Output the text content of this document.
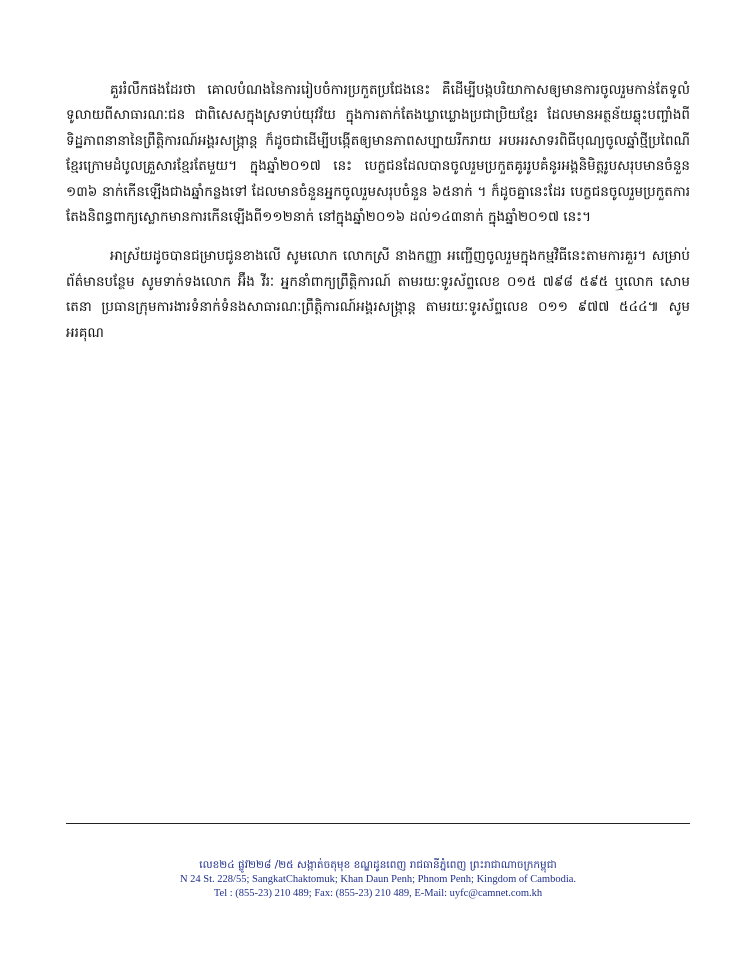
គួររំលឹកផងដែរថា គោលបំណងនៃការរៀបចំការប្រកួតប្រជែងនេះ គឺដើម្បីបង្កបរិយាកាសឲ្យមានការចូលរួមកាន់តែទូលំទូលាយពីសាធារណៈជន ជាពិសេសក្នុងស្រទាប់យុវវ័យ ក្នុងការតាក់តែងឃ្លាឃ្លោងប្រជាប្រិយខ្មែរ ដែលមានអត្ថន័យឆ្លុះបញ្ចាំងពីទិដ្ឋភាពនានានៃព្រឹត្តិការណ៍អង្គរសង្ក្រាន្ត ក៏ដូចជាដើម្បីបង្កើតឲ្យមានភាពសប្បាយរីករាយ អបអរសាទរពិធីបុណ្យចូលឆ្នាំថ្មីប្រពៃណីខ្មែរក្រោមដំបូលគ្រួសារខ្មែរតែមួយ។ ក្នុងឆ្នាំ២០១៧ នេះ បេក្ខជនដែលបានចូលរួមប្រកួតគូររូបគំនូរអង្គនិមិត្តរូបសរុបមានចំនួន ១៣៦ នាក់កើនឡើងជាងឆ្នាំកន្លងទៅ ដែលមានចំនួនអ្នកចូលរួមសរុបចំនួន ៦៥នាក់ ។ ក៏ដូចគ្នានេះដែរ បេក្ខជនចូលរួមប្រកួតការតែងនិពន្ធពាក្យស្លោកមានការកើនឡើងពី១១២នាក់ នៅក្នុងឆ្នាំ២០១៦ ដល់១៤៣នាក់ ក្នុងឆ្នាំ២០១៧ នេះ។

អាស្រ័យដូចបានជម្រាបជូនខាងលើ សូមលោក លោកស្រី នាងកញ្ញា អញ្ជើញចូលរួមក្នុងកម្មវិធីនេះតាមការគួរ។ សម្រាប់ព័ត៌មានបន្ថែម សូមទាក់ទងលោក អ៊ឹង វីរៈ អ្នកនាំពាក្យព្រឹត្តិការណ៍ តាមរយៈទូរស័ព្ទលេខ ០១៥ ៧៩៨ ៥៩៥ ឬលោក សោម តេនា ប្រធានក្រុមការងារទំនាក់ទំនងសាធារណៈព្រឹត្តិការណ៍អង្គរសង្ក្រាន្ត តាមរយៈទូរស័ព្ទលេខ ០១១ ៩៧៧ ៥៤៤៕ សូមអរគុណ

លេខ២៤ ផ្លូវ២២៨ /២៥ សង្កាត់ចតុមុខ ខណ្ឌដូនពេញ រាជធានីភ្នំពេញ ព្រះរាជាណាចក្រកម្ពុជា
N 24 St. 228/55; SangkatChaktomuk; Khan Daun Penh; Phnom Penh; Kingdom of Cambodia.
Tel : (855-23) 210 489; Fax: (855-23) 210 489, E-Mail: uyfc@camnet.com.kh
